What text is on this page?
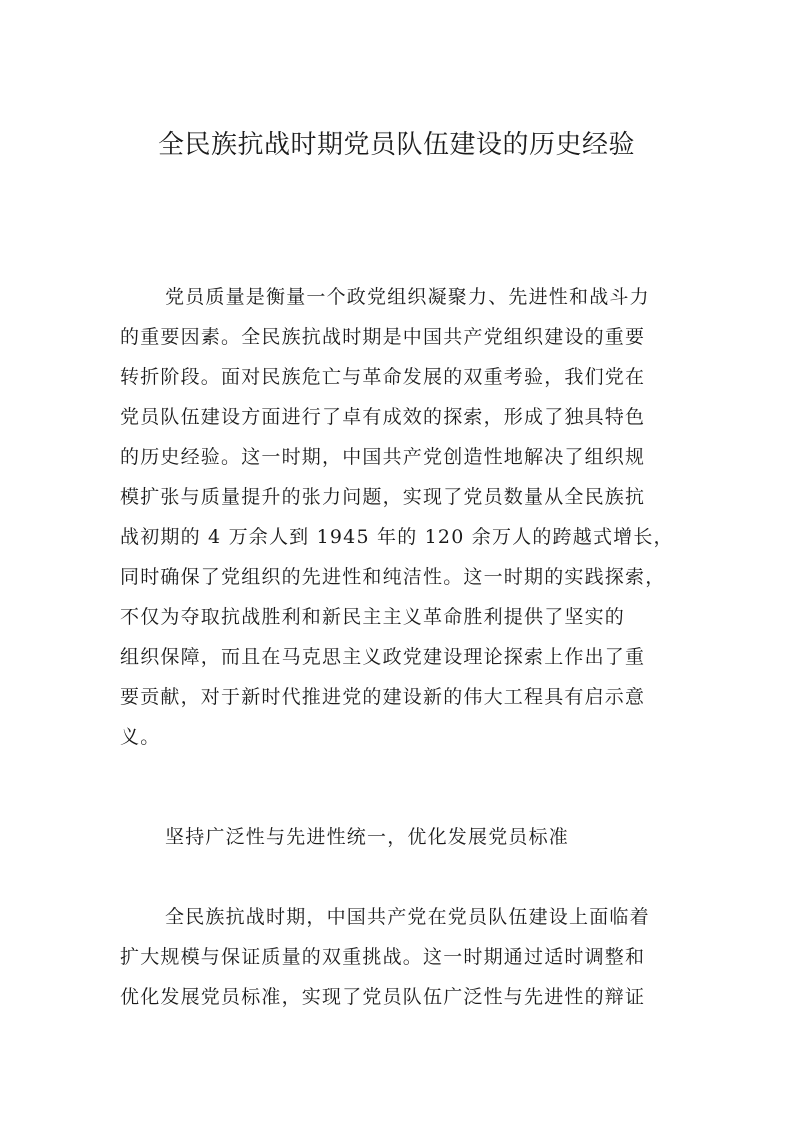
全民族抗战时期党员队伍建设的历史经验

党员质量是衡量一个政党组织凝聚力、先进性和战斗力

的重要因素。全民族抗战时期是中国共产党组织建设的重要

转折阶段。面对民族危亡与革命发展的双重考验，我们党在

党员队伍建设方面进行了卓有成效的探索，形成了独具特色

的历史经验。这一时期，中国共产党创造性地解决了组织规

模扩张与质量提升的张力问题，实现了党员数量从全民族抗

战初期的 4 万余人到 1945 年的 120 余万人的跨越式增长，

同时确保了党组织的先进性和纯洁性。这一时期的实践探索，

不仅为夺取抗战胜利和新民主主义革命胜利提供了坚实的

组织保障，而且在马克思主义政党建设理论探索上作出了重

要贡献，对于新时代推进党的建设新的伟大工程具有启示意

义。

坚持广泛性与先进性统一，优化发展党员标准

全民族抗战时期，中国共产党在党员队伍建设上面临着

扩大规模与保证质量的双重挑战。这一时期通过适时调整和

优化发展党员标准，实现了党员队伍广泛性与先进性的辩证
